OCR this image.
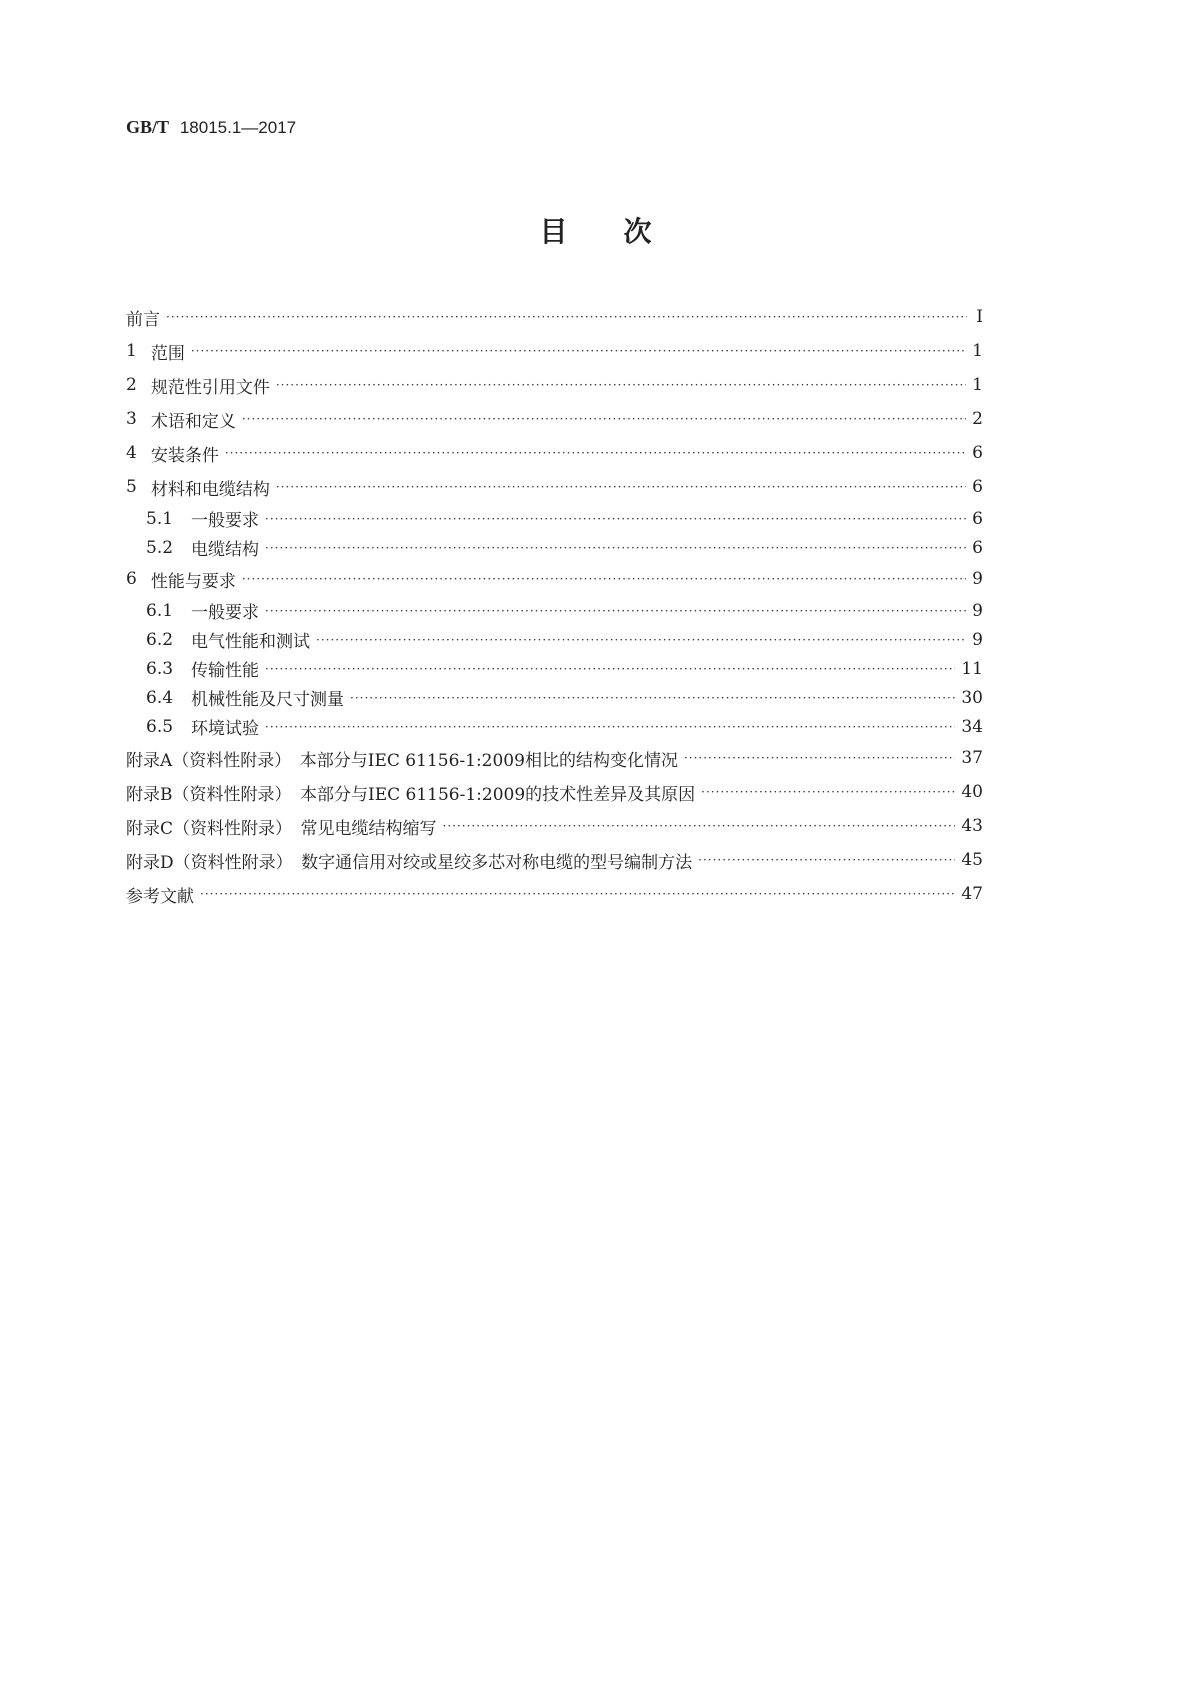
GB/T 18015.1—2017
目次
前言 ·····	Ⅰ
1 范围 ·····	1
2 规范性引用文件 ·····	1
3 术语和定义 ·····	2
4 安装条件 ·····	6
5 材料和电缆结构 ·····	6
5.1 一般要求 ·····	6
5.2 电缆结构 ·····	6
6 性能与要求 ·····	9
6.1 一般要求 ·····	9
6.2 电气性能和测试 ·····	9
6.3 传输性能 ·····	11
6.4 机械性能及尺寸测量 ·····	30
6.5 环境试验 ·····	34
附录A（资料性附录）　本部分与IEC 61156-1:2009相比的结构变化情况 ·····	37
附录B（资料性附录）　本部分与IEC 61156-1:2009的技术性差异及其原因 ·····	40
附录C（资料性附录）　常见电缆结构缩写 ·····	43
附录D（资料性附录）　数字通信用对绞或星绞多芯对称电缆的型号编制方法 ·····	45
参考文献 ·····	47
